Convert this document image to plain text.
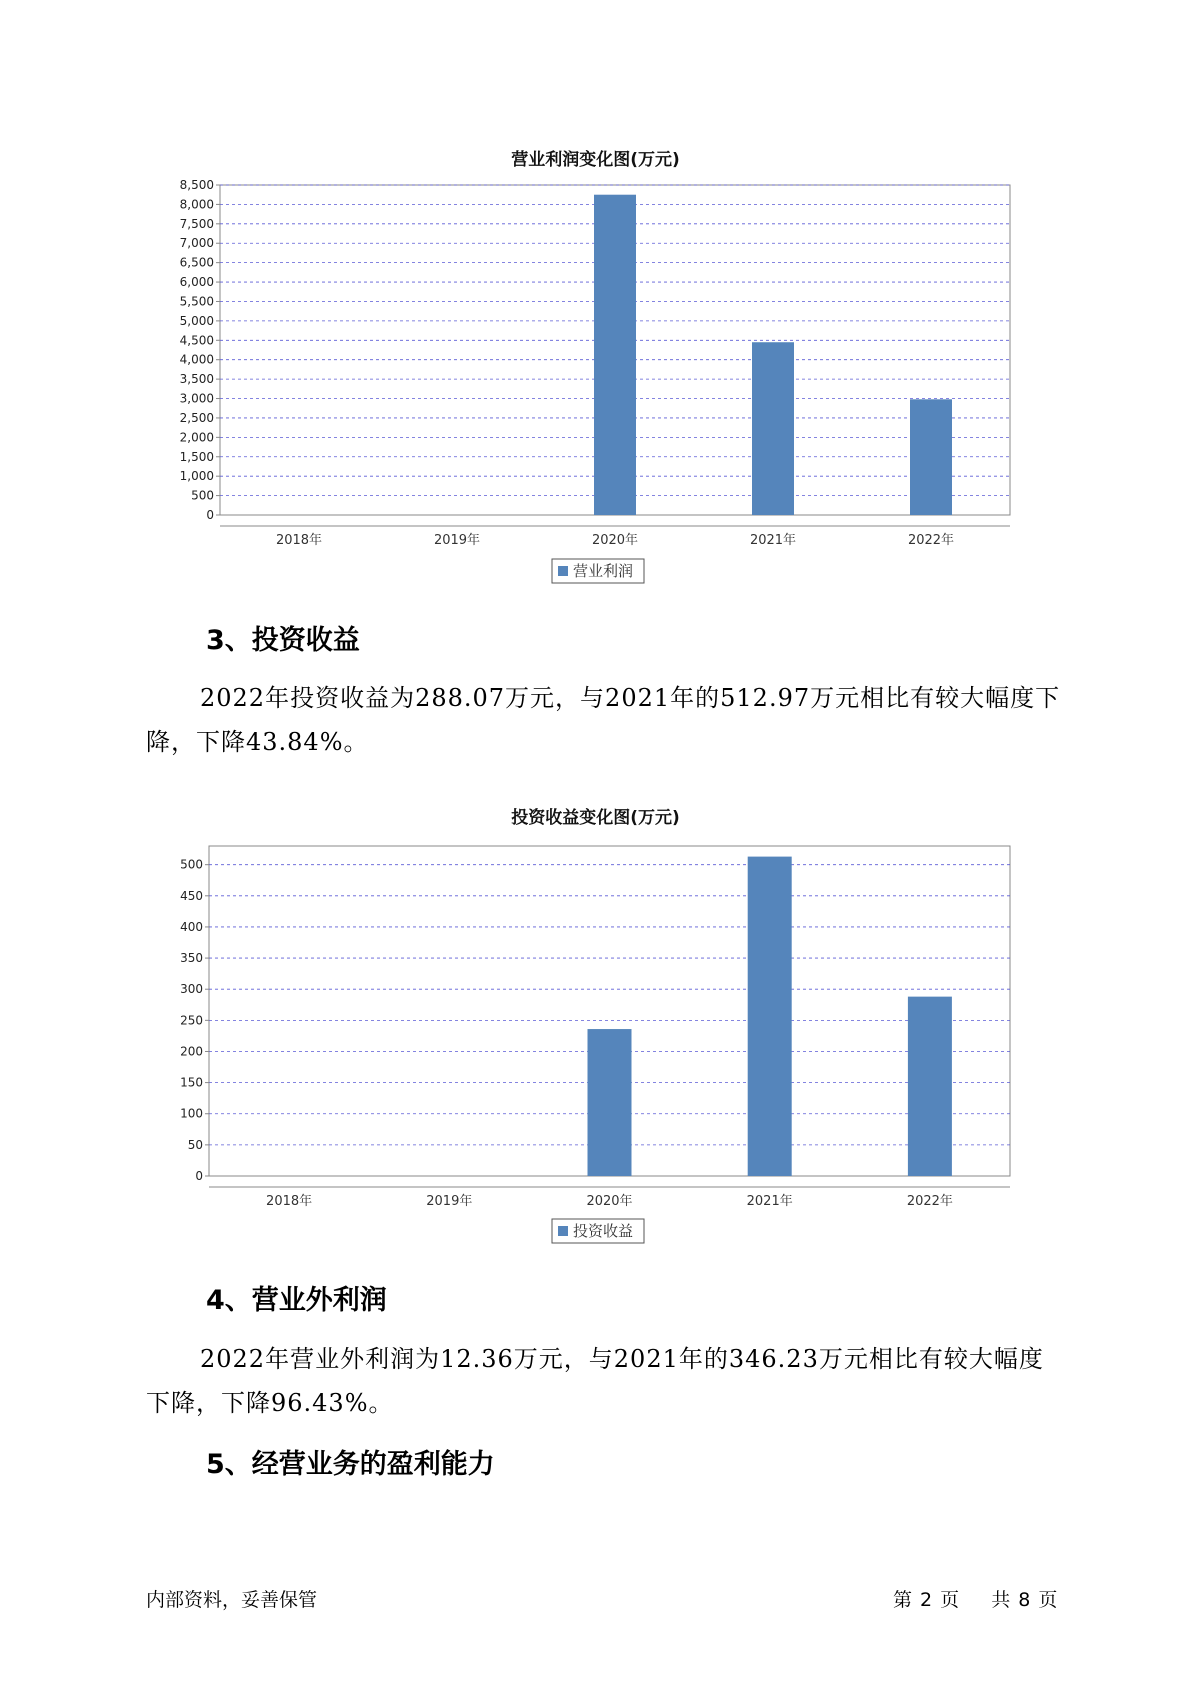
营业利润变化图(万元)
0
500
1,000
1,500
2,000
2,500
3,000
3,500
4,000
4,500
5,000
5,500
6,000
6,500
7,000
7,500
8,000
8,500
2018年	2019年	2020年	2021年	2022年
营业利润
3、投资收益
2022年投资收益为288.07万元，与2021年的512.97万元相比有较大幅度下降，下降43.84%。
投资收益变化图(万元)
0
50
100
150
200
250
300
350
400
450
500
2018年	2019年	2020年	2021年	2022年
投资收益
4、营业外利润
2022年营业外利润为12.36万元，与2021年的346.23万元相比有较大幅度下降，下降96.43%。
5、经营业务的盈利能力
内部资料，妥善保管	第 2 页 共 8 页
